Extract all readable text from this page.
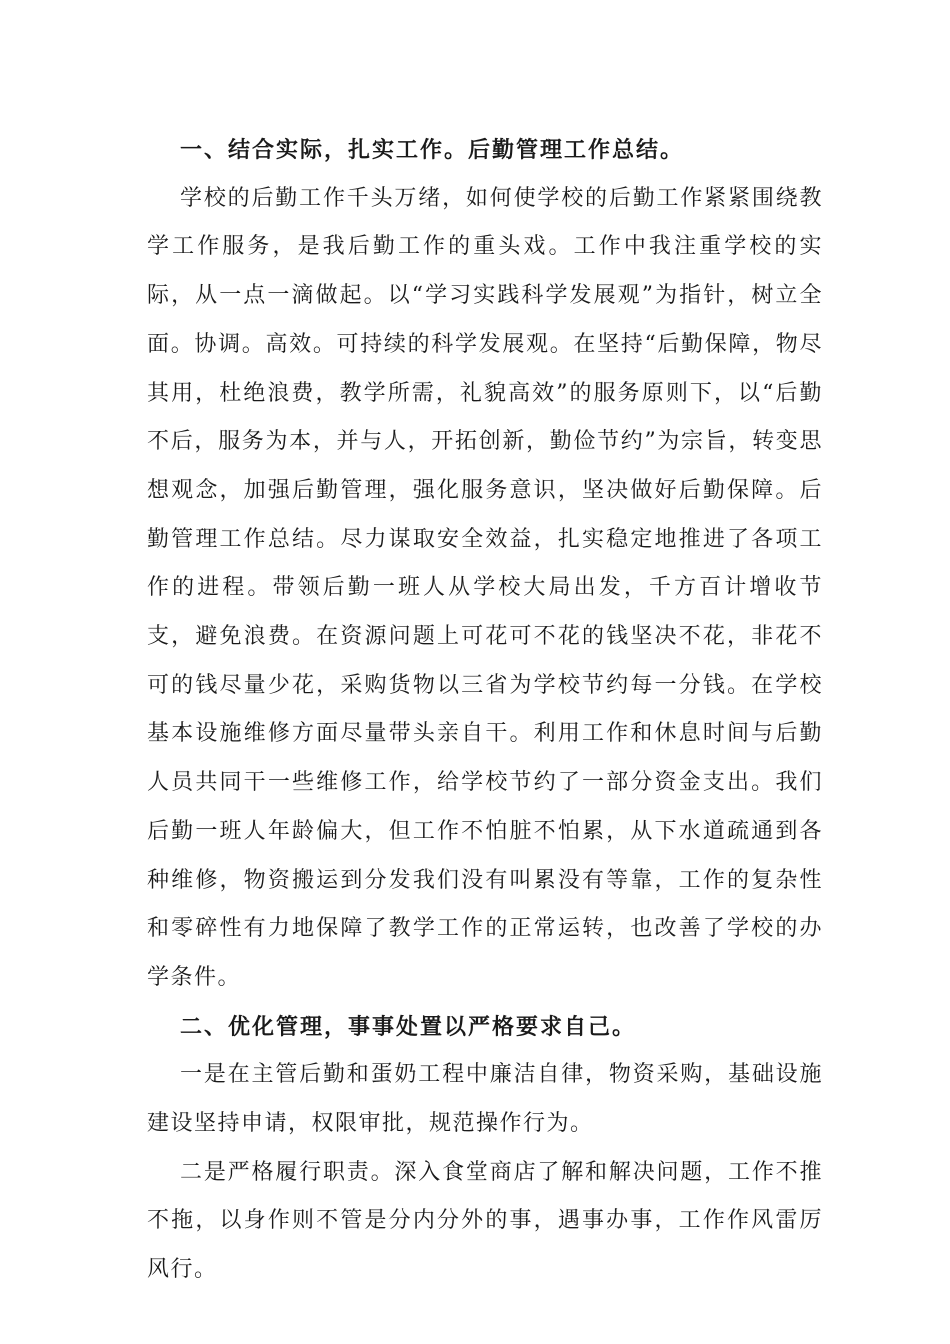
一、结合实际，扎实工作。后勤管理工作总结。

学校的后勤工作千头万绪，如何使学校的后勤工作紧紧围绕教学工作服务，是我后勤工作的重头戏。工作中我注重学校的实际，从一点一滴做起。以“学习实践科学发展观”为指针，树立全面。协调。高效。可持续的科学发展观。在坚持“后勤保障，物尽其用，杜绝浪费，教学所需，礼貌高效”的服务原则下，以“后勤不后，服务为本，并与人，开拓创新，勤俭节约”为宗旨，转变思想观念，加强后勤管理，强化服务意识，坚决做好后勤保障。后勤管理工作总结。尽力谋取安全效益，扎实稳定地推进了各项工作的进程。带领后勤一班人从学校大局出发，千方百计增收节支，避免浪费。在资源问题上可花可不花的钱坚决不花，非花不可的钱尽量少花，采购货物以三省为学校节约每一分钱。在学校基本设施维修方面尽量带头亲自干。利用工作和休息时间与后勤人员共同干一些维修工作，给学校节约了一部分资金支出。我们后勤一班人年龄偏大，但工作不怕脏不怕累，从下水道疏通到各种维修，物资搬运到分发我们没有叫累没有等靠，工作的复杂性和零碎性有力地保障了教学工作的正常运转，也改善了学校的办学条件。

二、优化管理，事事处置以严格要求自己。

一是在主管后勤和蛋奶工程中廉洁自律，物资采购，基础设施建设坚持申请，权限审批，规范操作行为。

二是严格履行职责。深入食堂商店了解和解决问题，工作不推不拖，以身作则不管是分内分外的事，遇事办事，工作作风雷厉风行。
